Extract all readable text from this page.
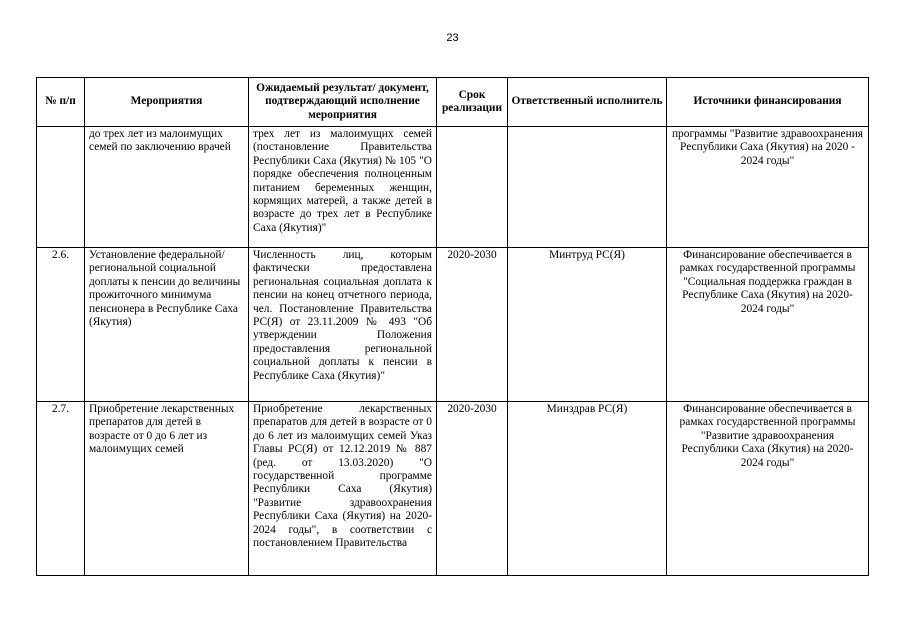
23
№ п/п	Мероприятия	Ожидаемый результат/ документ, подтверждающий исполнение мероприятия	Срок реализации	Ответственный исполнитель	Источники финансирования
	до трех лет из малоимущих семей по заключению врачей	трех лет из малоимущих семей (постановление Правительства Республики Саха (Якутия) № 105 "О порядке обеспечения полноценным питанием беременных женщин, кормящих матерей, а также детей в возрасте до трех лет в Республике Саха (Якутия)"			программы "Развитие здравоохранения Республики Саха (Якутия) на 2020 - 2024 годы"
2.6.	Установление федеральной/региональной социальной доплаты к пенсии до величины прожиточного минимума пенсионера в Республике Саха (Якутия)	Численность лиц, которым фактически предоставлена региональная социальная доплата к пенсии на конец отчетного периода, чел. Постановление Правительства РС(Я) от 23.11.2009 № 493 "Об утверждении Положения предоставления региональной социальной доплаты к пенсии в Республике Саха (Якутия)"	2020-2030	Минтруд РС(Я)	Финансирование обеспечивается в рамках государственной программы "Социальная поддержка граждан в Республике Саха (Якутия) на 2020-2024 годы"
2.7.	Приобретение лекарственных препаратов для детей в возрасте от 0 до 6 лет из малоимущих семей	Приобретение лекарственных препаратов для детей в возрасте от 0 до 6 лет из малоимущих семей Указ Главы РС(Я) от 12.12.2019 № 887 (ред. от 13.03.2020) "О государственной программе Республики Саха (Якутия) "Развитие здравоохранения Республики Саха (Якутия) на 2020-2024 годы", в соответствии с постановлением Правительства	2020-2030	Минздрав РС(Я)	Финансирование обеспечивается в рамках государственной программы "Развитие здравоохранения Республики Саха (Якутия) на 2020-2024 годы"
